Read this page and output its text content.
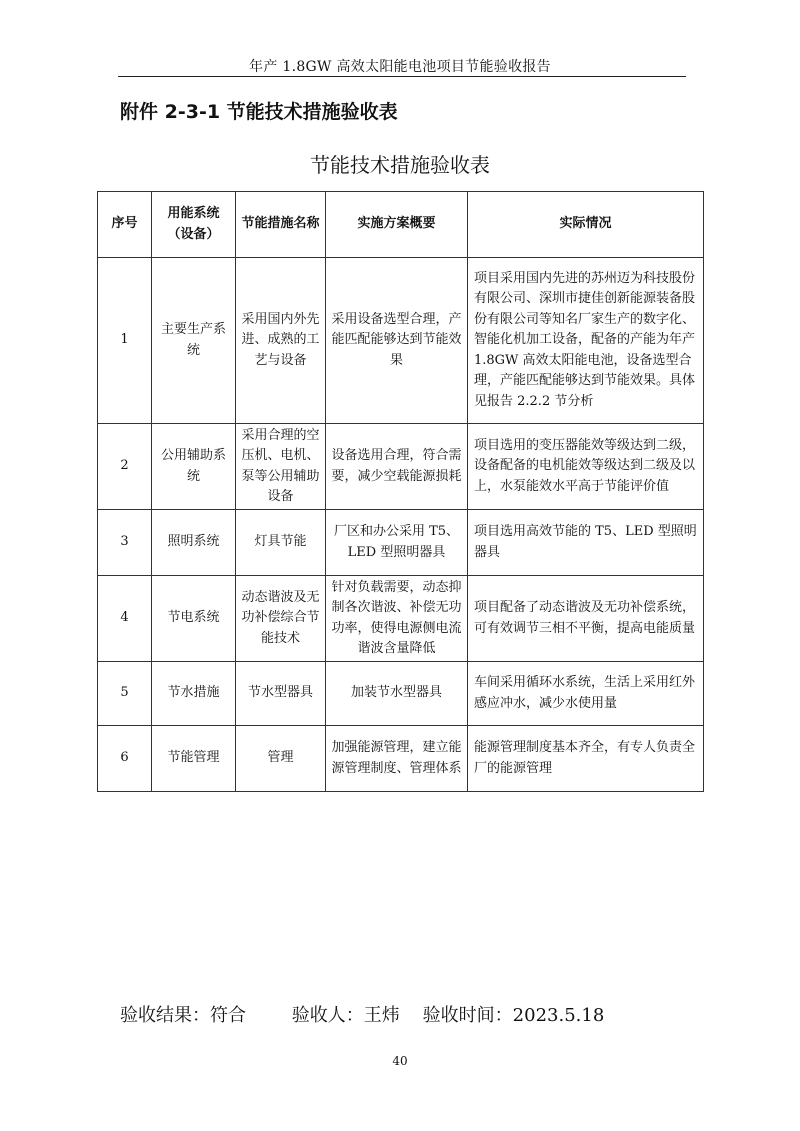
年产 1.8GW 高效太阳能电池项目节能验收报告
附件 2-3-1 节能技术措施验收表
节能技术措施验收表
序号	用能系统（设备）	节能措施名称	实施方案概要	实际情况
1	主要生产系统	采用国内外先进、成熟的工艺与设备	采用设备选型合理，产能匹配能够达到节能效果	项目采用国内先进的苏州迈为科技股份有限公司、深圳市捷佳创新能源装备股份有限公司等知名厂家生产的数字化、智能化机加工设备，配备的产能为年产 1.8GW 高效太阳能电池，设备选型合理，产能匹配能够达到节能效果。具体见报告 2.2.2 节分析
2	公用辅助系统	采用合理的空压机、电机、泵等公用辅助设备	设备选用合理，符合需要，减少空载能源损耗	项目选用的变压器能效等级达到二级，设备配备的电机能效等级达到二级及以上，水泵能效水平高于节能评价值
3	照明系统	灯具节能	厂区和办公采用 T5、LED 型照明器具	项目选用高效节能的 T5、LED 型照明器具
4	节电系统	动态谐波及无功补偿综合节能技术	针对负载需要，动态抑制各次谐波、补偿无功功率，使得电源侧电流谐波含量降低	项目配备了动态谐波及无功补偿系统，可有效调节三相不平衡，提高电能质量
5	节水措施	节水型器具	加装节水型器具	车间采用循环水系统，生活上采用红外感应冲水，减少水使用量
6	节能管理	管理	加强能源管理，建立能源管理制度、管理体系	能源管理制度基本齐全，有专人负责全厂的能源管理
验收结果：符合        验收人：王炜    验收时间：2023.5.18
40
